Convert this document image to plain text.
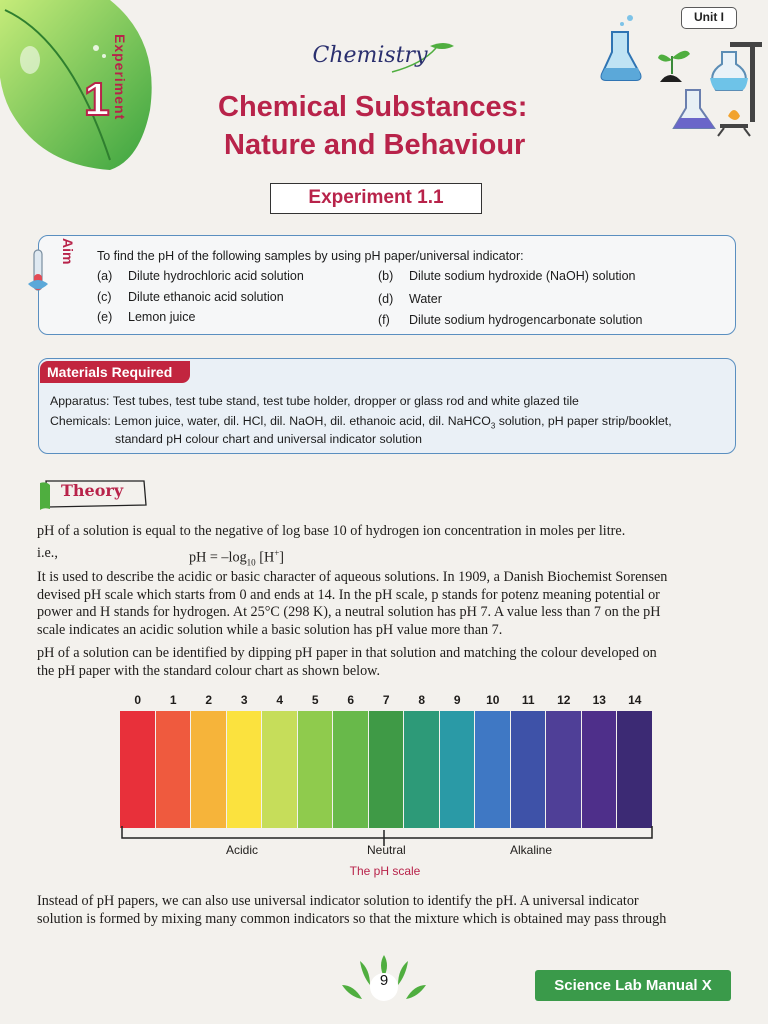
1 Experiment
Unit I
Chemistry
Chemical Substances:
Nature and Behaviour
Experiment 1.1
To find the pH of the following samples by using pH paper/universal indicator:
(a) Dilute hydrochloric acid solution	(b) Dilute sodium hydroxide (NaOH) solution
(c) Dilute ethanoic acid solution	(d) Water
(e) Lemon juice	(f) Dilute sodium hydrogencarbonate solution
Aim
Apparatus: Test tubes, test tube stand, test tube holder, dropper or glass rod and white glazed tile
Chemicals: Lemon juice, water, dil. HCl, dil. NaOH, dil. ethanoic acid, dil. NaHCO$_3$ solution, pH paper strip/booklet,
standard pH colour chart and universal indicator solution
Materials Required
Theory
pH of a solution is equal to the negative of log base 10 of hydrogen ion concentration in moles per litre.
i.e.,	pH = $-\log_{10}$ [H+]
It is used to describe the acidic or basic character of aqueous solutions. In 1909, a Danish Biochemist Sorensen
devised pH scale which starts from 0 and ends at 14. In the pH scale, p stands for potenz meaning potential or
power and H stands for hydrogen. At 25°C (298 K), a neutral solution has pH 7. A value less than 7 on the pH
scale indicates an acidic solution while a basic solution has pH value more than 7.
pH of a solution can be identified by dipping pH paper in that solution and matching the colour developed on
the pH paper with the standard colour chart as shown below.
0	1	2	3	4	5	6	7	8	9	10	11	12	13	14
Acidic	Neutral	Alkaline
The pH scale
Instead of pH papers, we can also use universal indicator solution to identify the pH. A universal indicator
solution is formed by mixing many common indicators so that the mixture which is obtained may pass through
9	Science Lab Manual X
